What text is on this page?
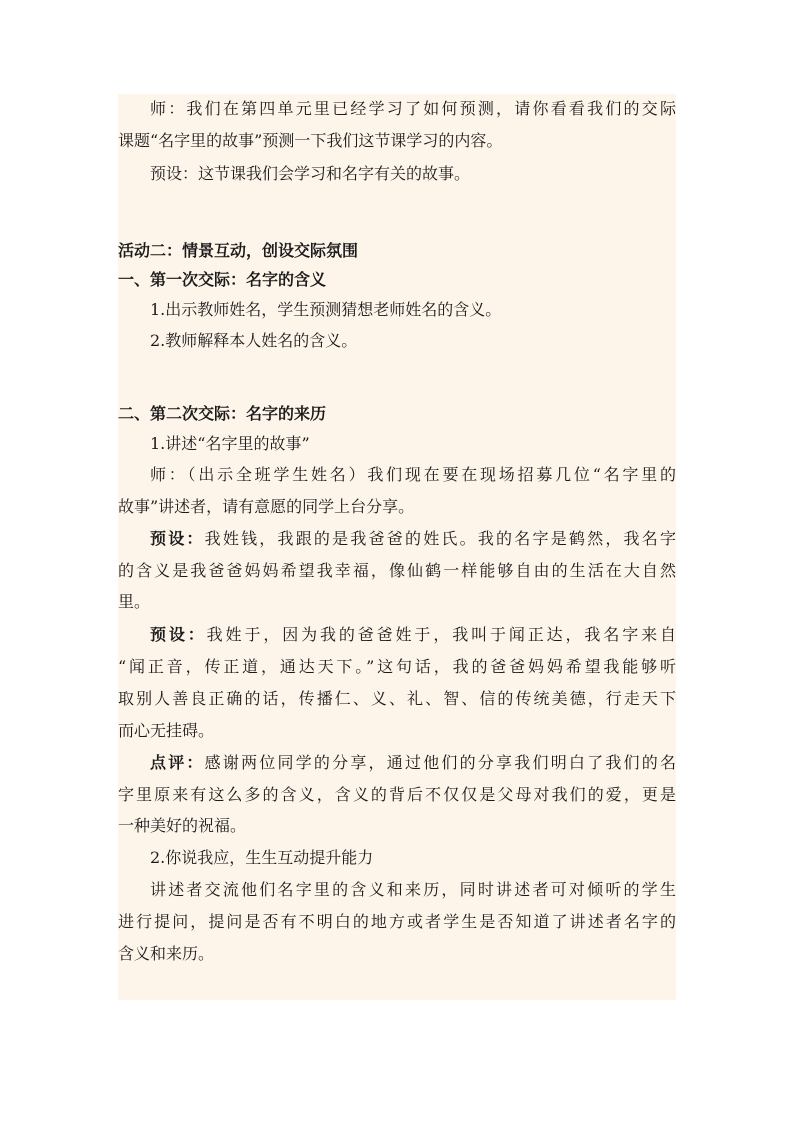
师：我们在第四单元里已经学习了如何预测，请你看看我们的交际
课题“名字里的故事”预测一下我们这节课学习的内容。
预设：这节课我们会学习和名字有关的故事。
活动二：情景互动，创设交际氛围
一、第一次交际：名字的含义
1.出示教师姓名，学生预测猜想老师姓名的含义。
2.教师解释本人姓名的含义。
二、第二次交际：名字的来历
1.讲述“名字里的故事”
师：（出示全班学生姓名）我们现在要在现场招募几位“名字里的
故事”讲述者，请有意愿的同学上台分享。
预设：我姓钱，我跟的是我爸爸的姓氏。我的名字是鹤然，我名字
的含义是我爸爸妈妈希望我幸福，像仙鹤一样能够自由的生活在大自然
里。
预设：我姓于，因为我的爸爸姓于，我叫于闻正达，我名字来自
“闻正音，传正道，通达天下。”这句话，我的爸爸妈妈希望我能够听
取别人善良正确的话，传播仁、义、礼、智、信的传统美德，行走天下
而心无挂碍。
点评：感谢两位同学的分享，通过他们的分享我们明白了我们的名
字里原来有这么多的含义，含义的背后不仅仅是父母对我们的爱，更是
一种美好的祝福。
2.你说我应，生生互动提升能力
讲述者交流他们名字里的含义和来历，同时讲述者可对倾听的学生
进行提问，提问是否有不明白的地方或者学生是否知道了讲述者名字的
含义和来历。
